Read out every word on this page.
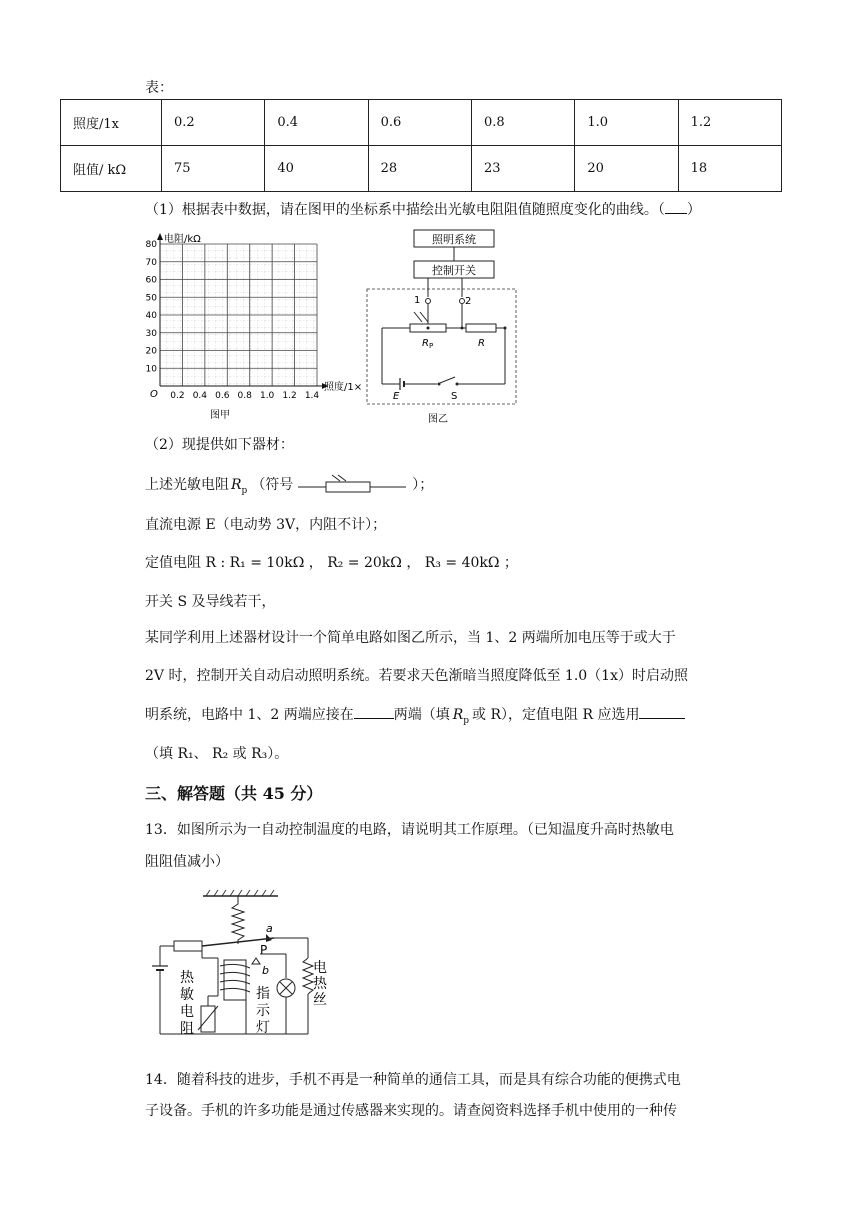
表：
照度/1x	0.2	0.4	0.6	0.8	1.0	1.2
阻值/ kΩ	75	40	28	23	20	18
（1）根据表中数据，请在图甲的坐标系中描绘出光敏电阻阻值随照度变化的曲线。（ ）
电阻/kΩ
照度/1×
O
80
70
60
50
40
30
20
10
0.2 0.4 0.6 0.8 1.0 1.2 1.4
图甲
照明系统
控制开关
1	2
R P	R
E	S
图乙
（2）现提供如下器材：
上述光敏电阻 $R_p$ （符号	）；
直流电源 E（电动势 3V，内阻不计）；
定值电阻 R : R₁ = 10kΩ ， R₂ = 20kΩ ， R₃ = 40kΩ ；
开关 S 及导线若干，
某同学利用上述器材设计一个简单电路如图乙所示，当 1、2 两端所加电压等于或大于
2V 时，控制开关自动启动照明系统。若要求天色渐暗当照度降低至 1.0（1x）时启动照
明系统，电路中 1、2 两端应接在	两端（填 $R_p$ 或 R），定值电阻 R 应选用
（填 R₁、 R₂ 或 R₃）。
三、解答题（共 45 分）
13．如图所示为一自动控制温度的电路，请说明其工作原理。（已知温度升高时热敏电
阻阻值减小）
a
P
b
热
敏
电
阻
指
示
灯
电
热
丝
14．随着科技的进步，手机不再是一种简单的通信工具，而是具有综合功能的便携式电
子设备。手机的许多功能是通过传感器来实现的。请查阅资料选择手机中使用的一种传
